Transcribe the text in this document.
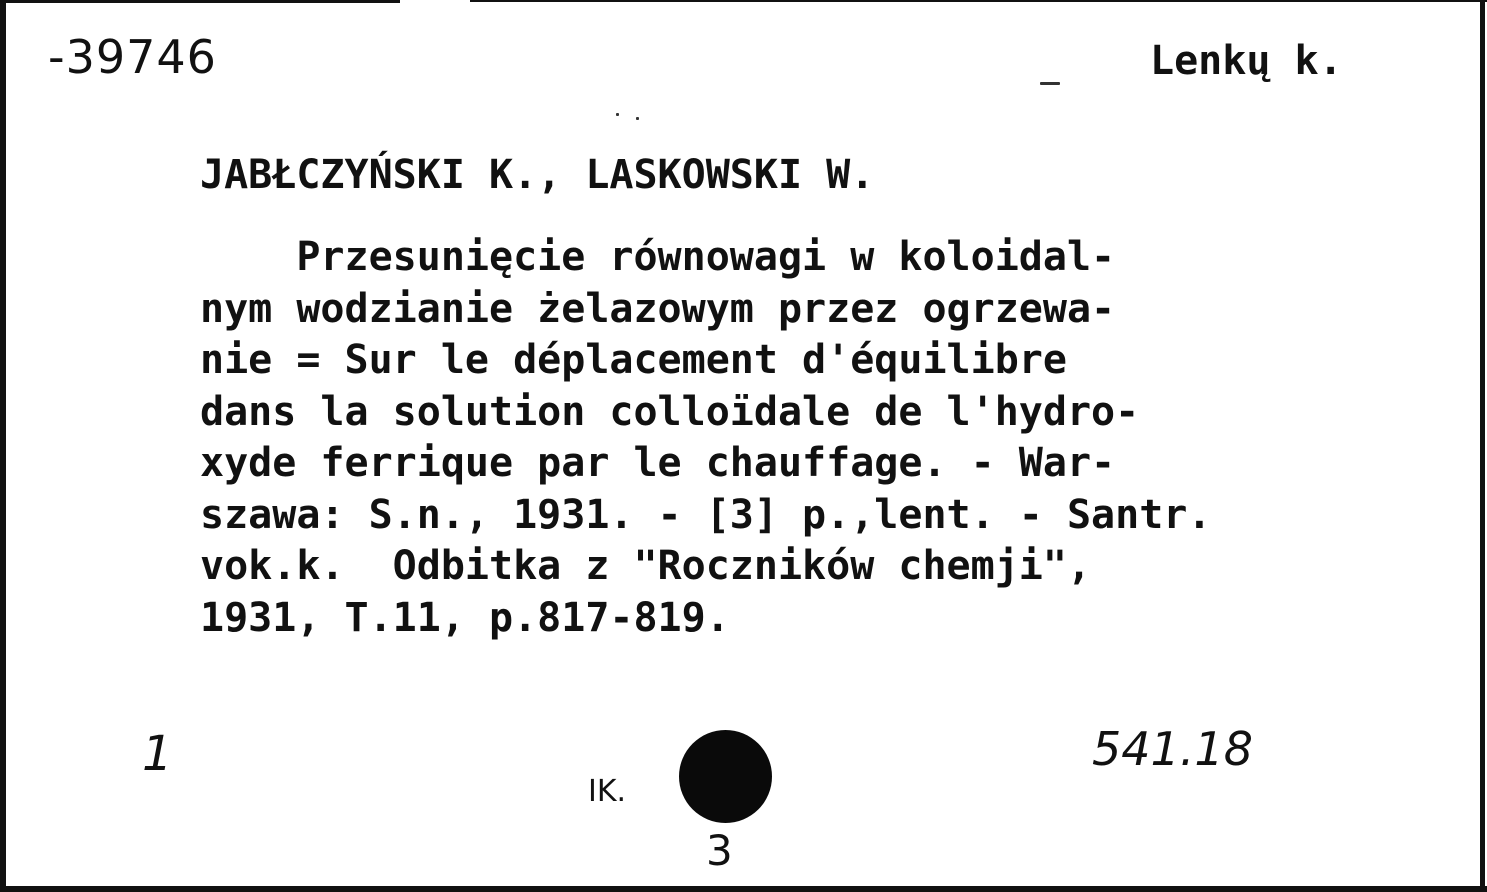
-39746	Lenkų k.
JABŁCZYŃSKI K., LASKOWSKI W.
Przesunięcie równowagi w koloidal-
nym wodzianie żelazowym przez ogrzewa-
nie = Sur le déplacement d'équilibre
dans la solution colloïdale de l'hydro-
xyde ferrique par le chauffage. - War-
szawa: S.n., 1931. - [3] p.,lent. - Santr.
vok.k.  Odbitka z "Roczników chemji",
1931, T.11, p.817-819.
1
IK.
3
541.18
